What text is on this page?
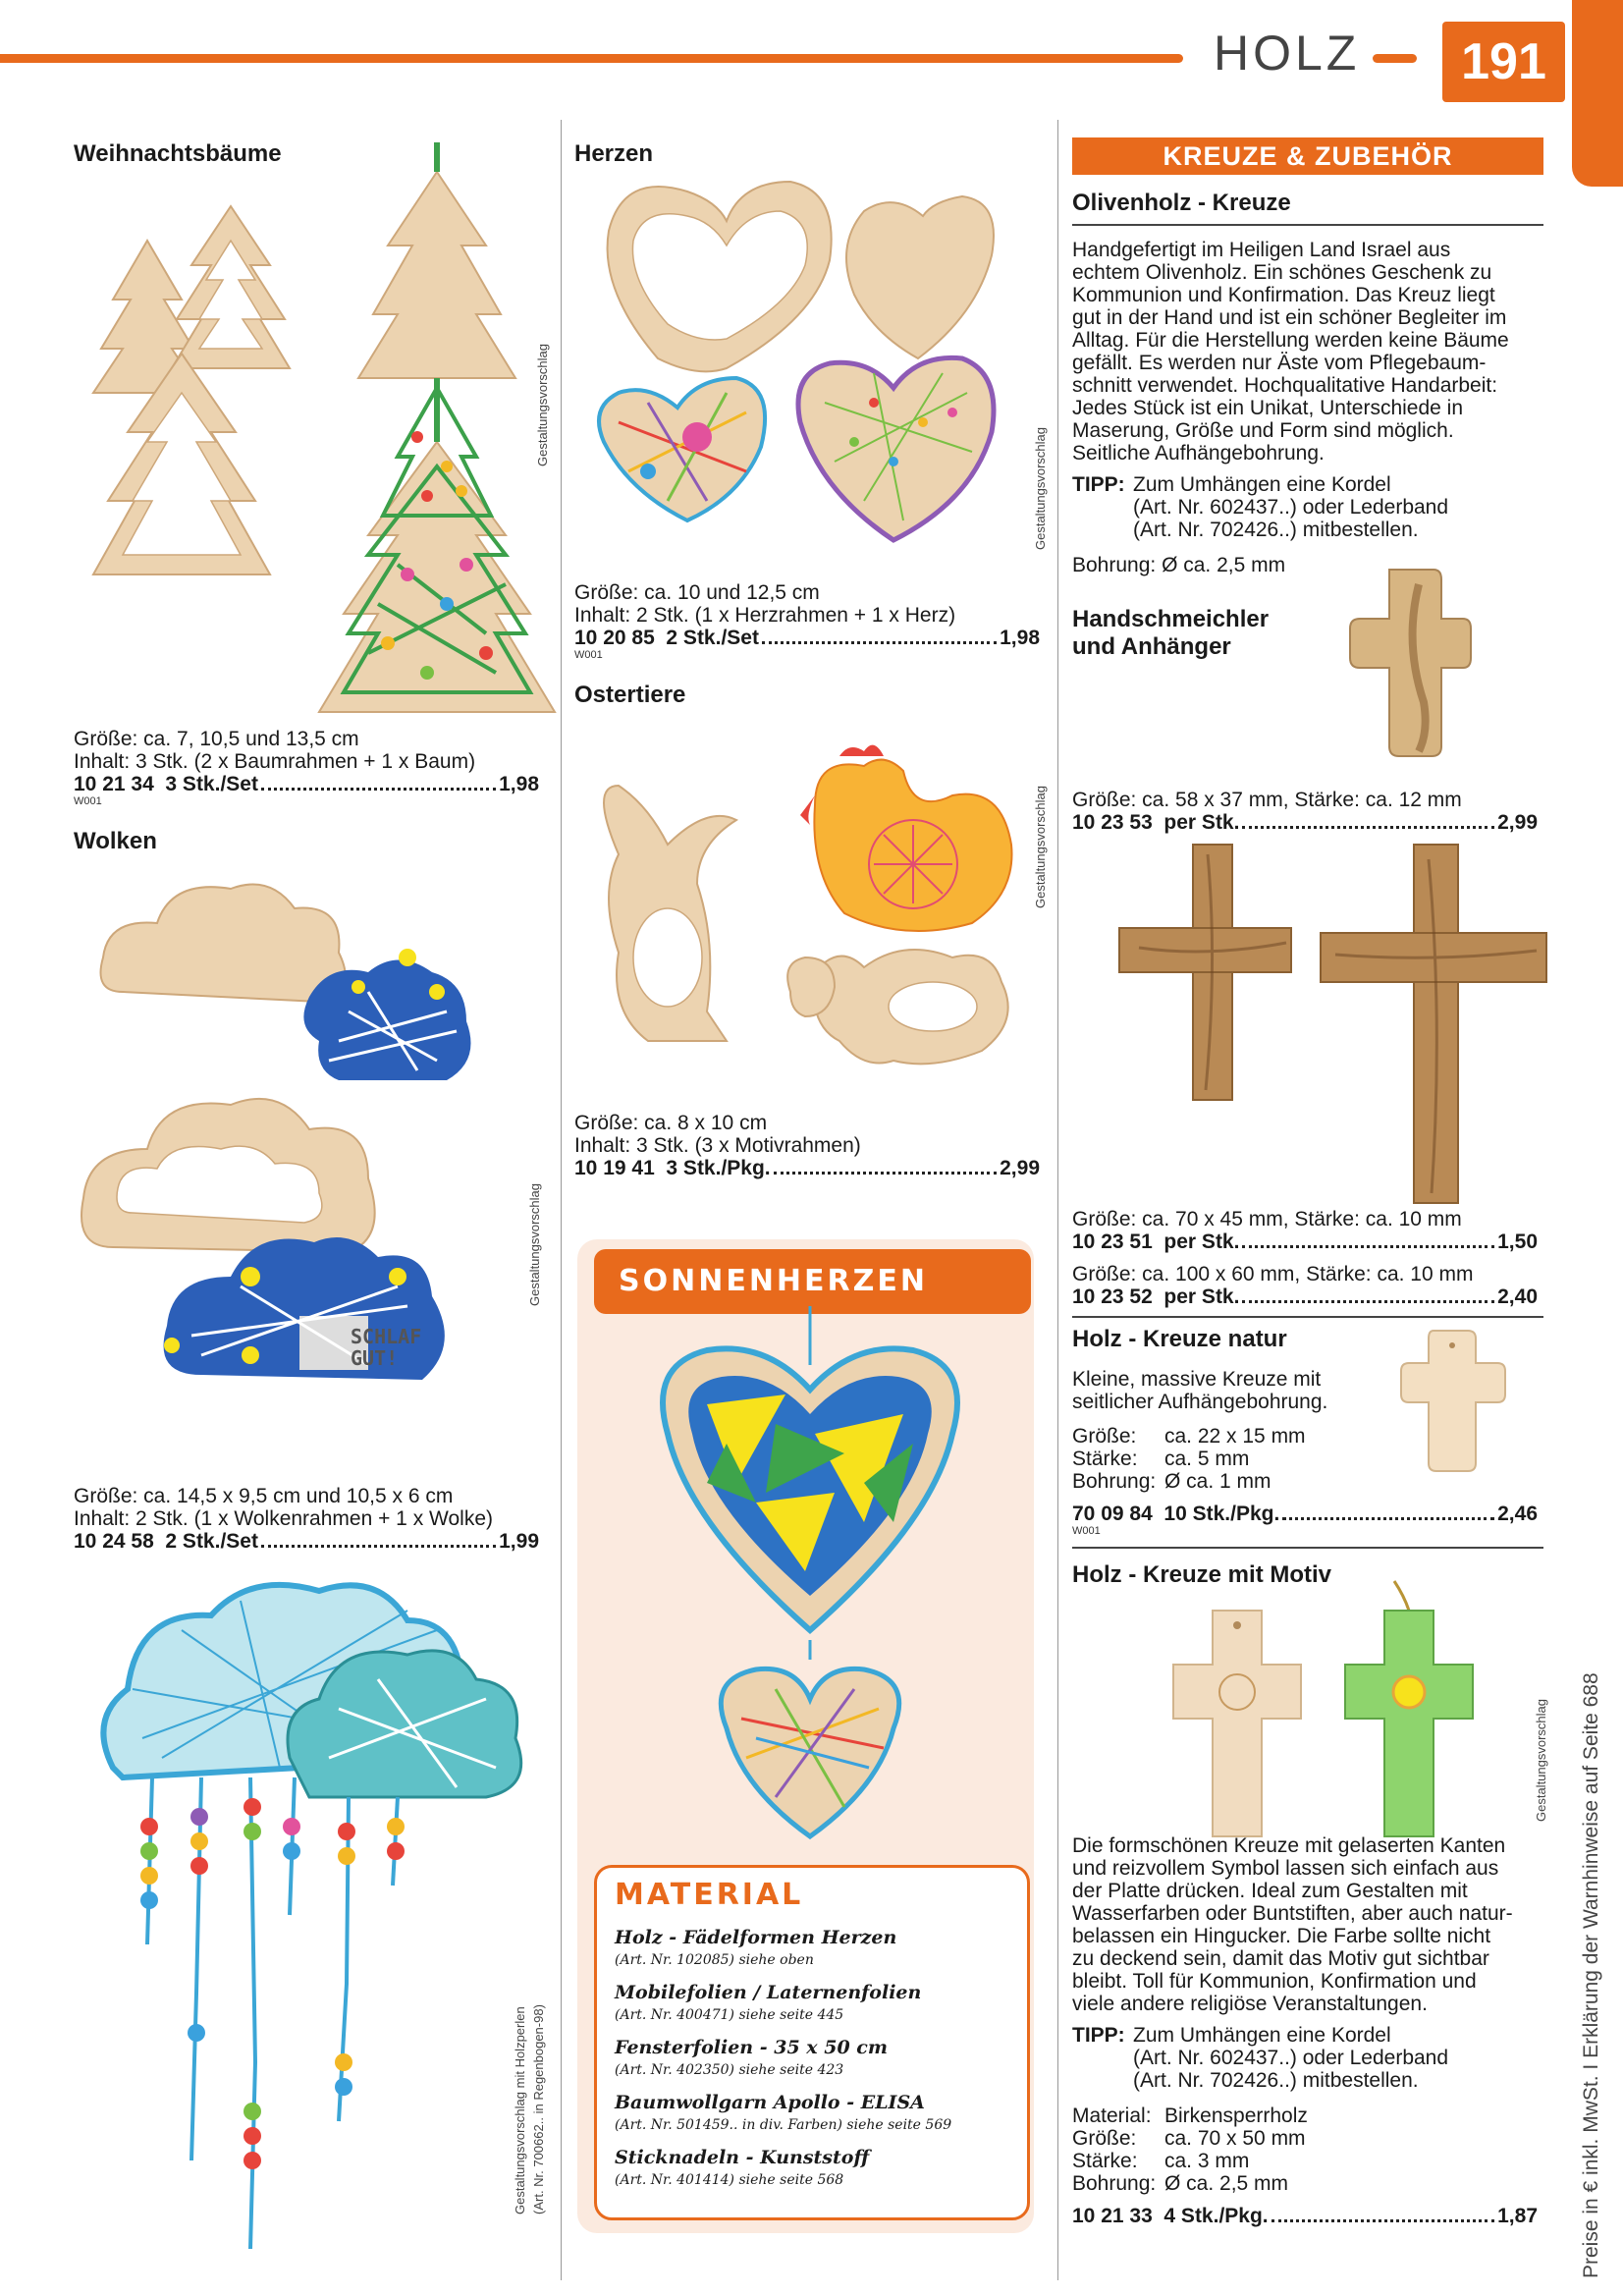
HOLZ	191
Preise in € inkl. MwSt. I Erklärung der Warnhinweise auf Seite 688
Weihnachtsbäume
Gestaltungsvorschlag
Größe: ca. 7, 10,5 und 13,5 cm
Inhalt: 3 Stk. (2 x Baumrahmen + 1 x Baum)
10 21 34
3 Stk./Set	1,98
W001
Wolken
SCHLAF GUT!
Gestaltungsvorschlag
Größe: ca. 14,5 x 9,5 cm und 10,5 x 6 cm
Inhalt: 2 Stk. (1 x Wolkenrahmen + 1 x Wolke)
10 24 58
2 Stk./Set	1,99
Gestaltungsvorschlag mit Holzperlen (Art. Nr. 700662.. in Regenbogen-98)
Herzen
Gestaltungsvorschlag
Größe: ca. 10 und 12,5 cm
Inhalt: 2 Stk. (1 x Herzrahmen + 1 x Herz)
10 20 85
2 Stk./Set	1,98
W001
Ostertiere
Gestaltungsvorschlag
Größe: ca. 8 x 10 cm
Inhalt: 3 Stk. (3 x Motivrahmen)
10 19 41
3 Stk./Pkg.	2,99
SONNENHERZEN
MATERIAL
Holz - Fädelformen Herzen
(Art. Nr. 102085) siehe oben
Mobilefolien / Laternenfolien
(Art. Nr. 400471) siehe seite 445
Fensterfolien - 35 x 50 cm
(Art. Nr. 402350) siehe seite 423
Baumwollgarn Apollo - ELISA
(Art. Nr. 501459.. in div. Farben) siehe seite 569
Sticknadeln - Kunststoff
(Art. Nr. 401414) siehe seite 568
KREUZE & ZUBEHÖR
Olivenholz - Kreuze
Handgefertigt im Heiligen Land Israel aus
echtem Olivenholz. Ein schönes Geschenk zu
Kommunion und Konfirmation. Das Kreuz liegt
gut in der Hand und ist ein schöner Begleiter im
Alltag. Für die Herstellung werden keine Bäume
gefällt. Es werden nur Äste vom Pflegebaum-
schnitt verwendet. Hochqualitative Handarbeit:
Jedes Stück ist ein Unikat, Unterschiede in
Maserung, Größe und Form sind möglich.
Seitliche Aufhängebohrung.
TIPP: Zum Umhängen eine Kordel
(Art. Nr. 602437..) oder Lederband
(Art. Nr. 702426..) mitbestellen.
Bohrung: Ø ca. 2,5 mm
Handschmeichler
und Anhänger
Größe: ca. 58 x 37 mm, Stärke: ca. 12 mm
10 23 53
per Stk.	2,99
Größe: ca. 70 x 45 mm, Stärke: ca. 10 mm
10 23 51
per Stk.	1,50
Größe: ca. 100 x 60 mm, Stärke: ca. 10 mm
10 23 52
per Stk.	2,40
Holz - Kreuze natur
Kleine, massive Kreuze mit
seitlicher Aufhängebohrung.
Größe: ca. 22 x 15 mm
Stärke: ca. 5 mm
Bohrung: Ø ca. 1 mm
70 09 84
10 Stk./Pkg.	2,46
W001
Holz - Kreuze mit Motiv
Gestaltungsvorschlag
Die formschönen Kreuze mit gelaserten Kanten
und reizvollem Symbol lassen sich einfach aus
der Platte drücken. Ideal zum Gestalten mit
Wasserfarben oder Buntstiften, aber auch natur-
belassen ein Hingucker. Die Farbe sollte nicht
zu deckend sein, damit das Motiv gut sichtbar
bleibt. Toll für Kommunion, Konfirmation und
viele andere religiöse Veranstaltungen.
TIPP: Zum Umhängen eine Kordel
(Art. Nr. 602437..) oder Lederband
(Art. Nr. 702426..) mitbestellen.
Material: Birkensperrholz
Größe: ca. 70 x 50 mm
Stärke: ca. 3 mm
Bohrung: Ø ca. 2,5 mm
10 21 33
4 Stk./Pkg.	1,87
